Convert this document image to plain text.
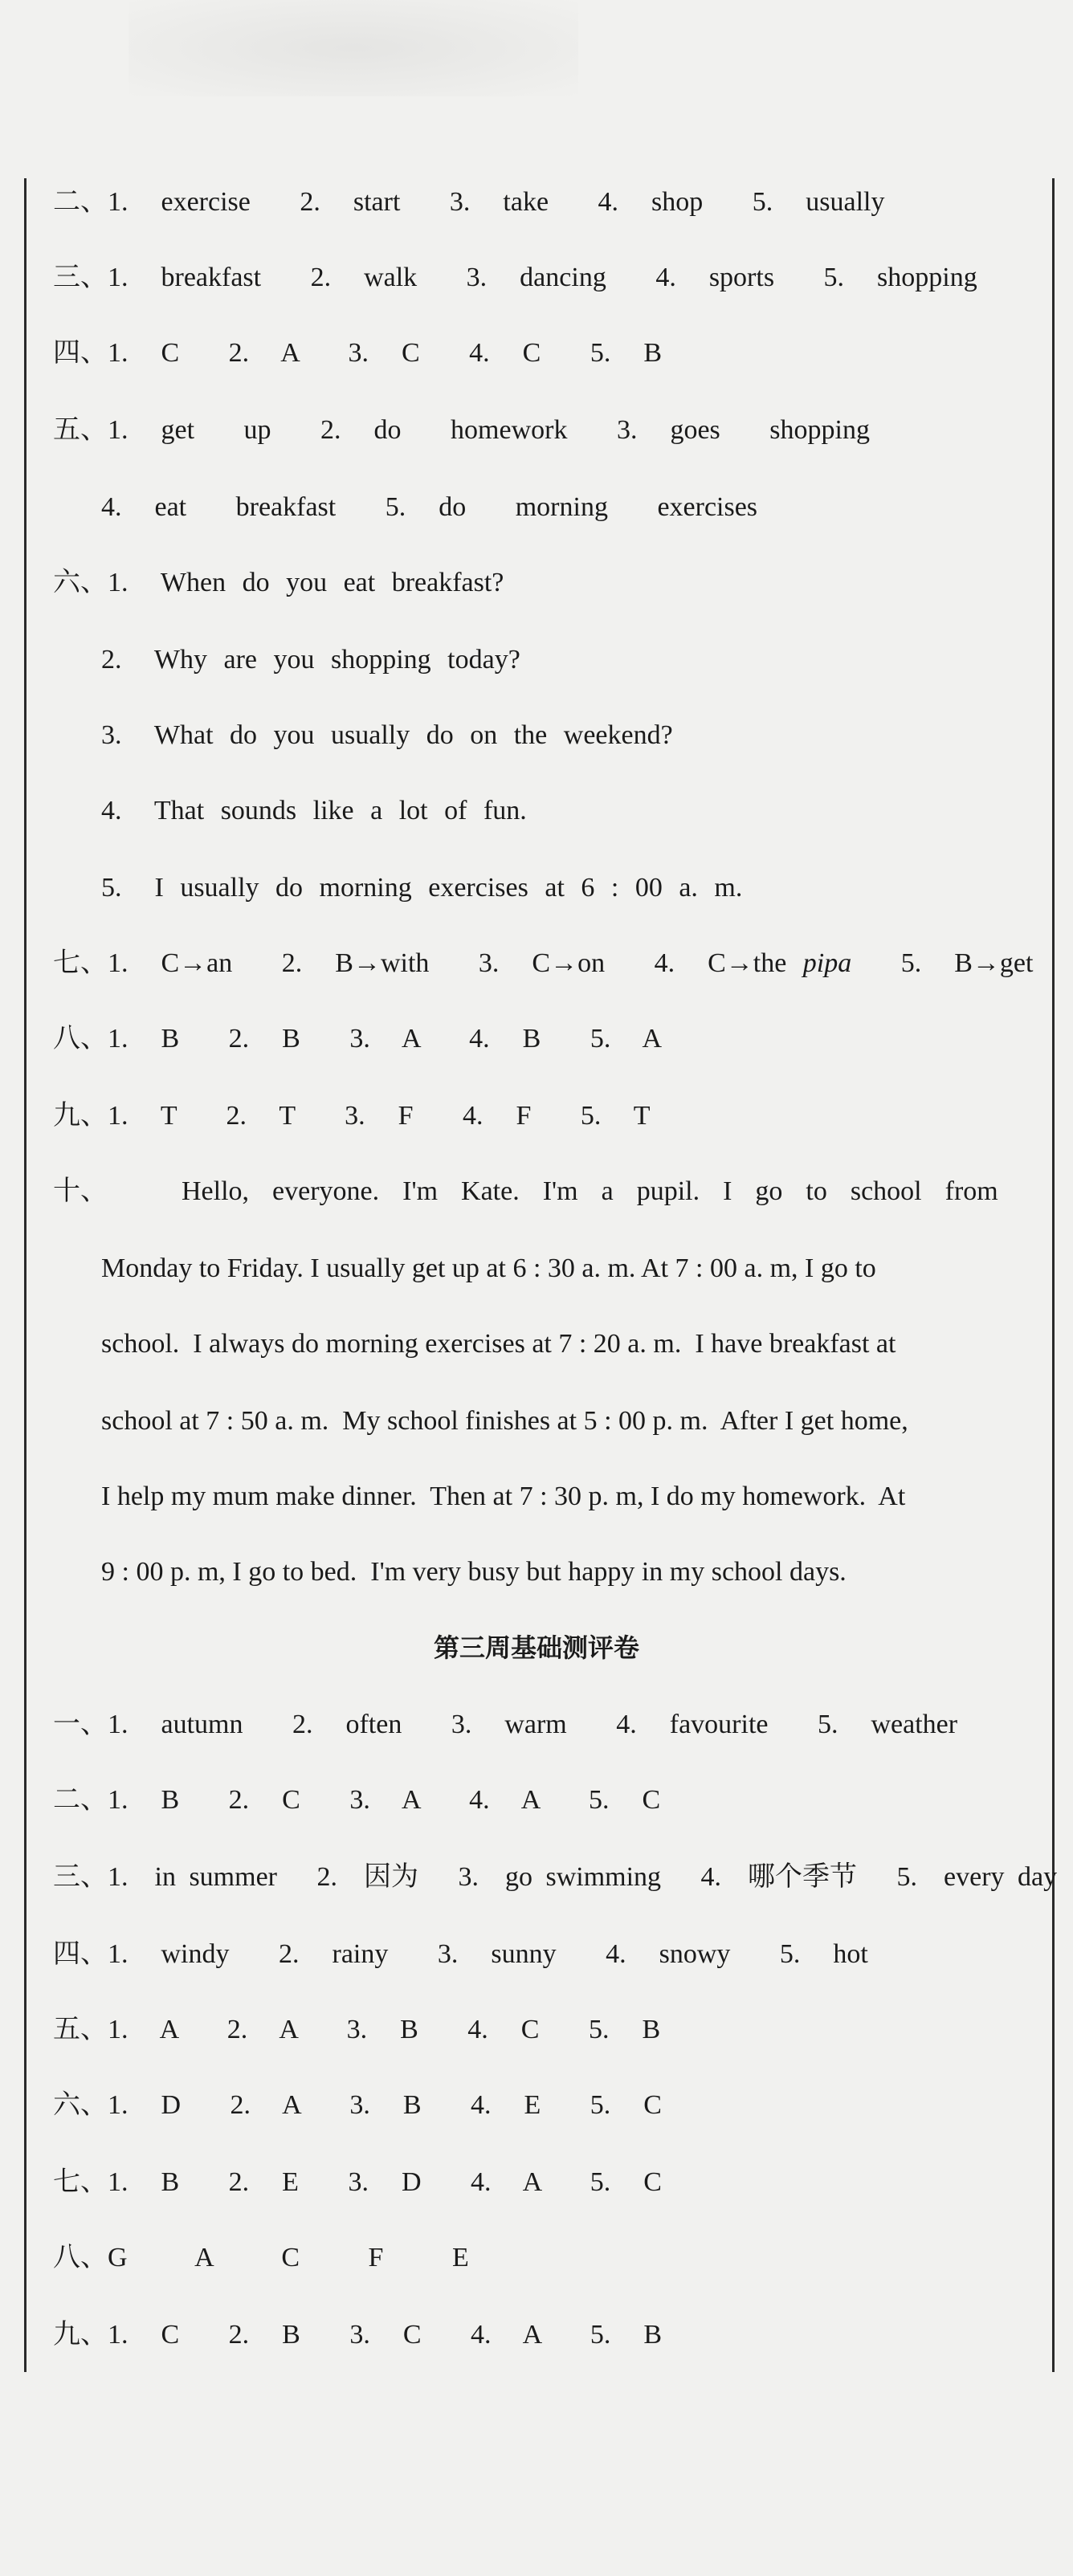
二、1.  exercise   2.  start   3.  take   4.  shop   5.  usually
三、1.  breakfast   2.  walk   3.  dancing   4.  sports   5.  shopping
四、1.  C   2.  A   3.  C   4.  C   5.  B
五、1.  get   up   2.  do   homework   3.  goes   shopping
4.  eat   breakfast   5.  do   morning   exercises
六、1.  When do you eat breakfast?
2.  Why are you shopping today?
3.  What do you usually do on the weekend?
4.  That sounds like a lot of fun.
5.  I usually do morning exercises at 6 : 00 a. m.
七、1.  C→an   2.  B→with   3.  C→on   4.  C→the pipa   5.  B→get
八、1.  B   2.  B   3.  A   4.  B   5.  A
九、1.  T   2.  T   3.  F   4.  F   5.  T
十、	Hello,  everyone.  I'm  Kate.  I'm  a  pupil.  I  go  to  school  from
Monday to Friday. I usually get up at 6 : 30 a. m. At 7 : 00 a. m, I go to
school.  I always do morning exercises at 7 : 20 a. m.  I have breakfast at
school at 7 : 50 a. m.  My school finishes at 5 : 00 p. m.  After I get home,
I help my mum make dinner.  Then at 7 : 30 p. m, I do my homework.  At
9 : 00 p. m, I go to bed.  I'm very busy but happy in my school days.
第三周基础测评卷
一、1.  autumn   2.  often   3.  warm   4.  favourite   5.  weather
二、1.  B   2.  C   3.  A   4.  A   5.  C
三、1.  in summer   2.  因为   3.  go swimming   4.  哪个季节   5.  every day
四、1.  windy   2.  rainy   3.  sunny   4.  snowy   5.  hot
五、1.  A   2.  A   3.  B   4.  C   5.  B
六、1.  D   2.  A   3.  B   4.  E   5.  C
七、1.  B   2.  E   3.  D   4.  A   5.  C
八、G   A   C   F   E
九、1.  C   2.  B   3.  C   4.  A   5.  B
